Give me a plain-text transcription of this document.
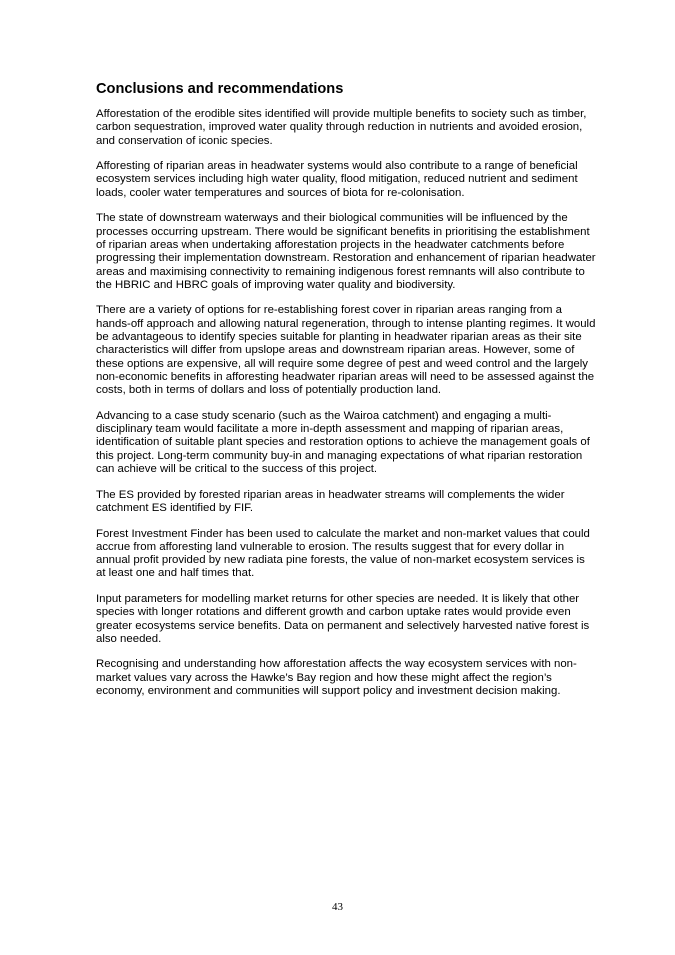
Conclusions and recommendations

Afforestation of the erodible sites identified will provide multiple benefits to society such as timber, carbon sequestration, improved water quality through reduction in nutrients and avoided erosion, and conservation of iconic species.

Afforesting of riparian areas in headwater systems would also contribute to a range of beneficial ecosystem services including high water quality, flood mitigation, reduced nutrient and sediment loads, cooler water temperatures and sources of biota for re-colonisation.

The state of downstream waterways and their biological communities will be influenced by the processes occurring upstream. There would be significant benefits in prioritising the establishment of riparian areas when undertaking afforestation projects in the headwater catchments before progressing their implementation downstream. Restoration and enhancement of riparian headwater areas and maximising connectivity to remaining indigenous forest remnants will also contribute to the HBRIC and HBRC goals of improving water quality and biodiversity.

There are a variety of options for re-establishing forest cover in riparian areas ranging from a hands-off approach and allowing natural regeneration, through to intense planting regimes. It would be advantageous to identify species suitable for planting in headwater riparian areas as their site characteristics will differ from upslope areas and downstream riparian areas. However, some of these options are expensive, all will require some degree of pest and weed control and the largely non-economic benefits in afforesting headwater riparian areas will need to be assessed against the costs, both in terms of dollars and loss of potentially production land.

Advancing to a case study scenario (such as the Wairoa catchment) and engaging a multi-disciplinary team would facilitate a more in-depth assessment and mapping of riparian areas, identification of suitable plant species and restoration options to achieve the management goals of this project. Long-term community buy-in and managing expectations of what riparian restoration can achieve will be critical to the success of this project.

The ES provided by forested riparian areas in headwater streams will complements the wider catchment ES identified by FIF.

Forest Investment Finder has been used to calculate the market and non-market values that could accrue from afforesting land vulnerable to erosion. The results suggest that for every dollar in annual profit provided by new radiata pine forests, the value of non-market ecosystem services is at least one and half times that.

Input parameters for modelling market returns for other species are needed. It is likely that other species with longer rotations and different growth and carbon uptake rates would provide even greater ecosystems service benefits. Data on permanent and selectively harvested native forest is also needed.

Recognising and understanding how afforestation affects the way ecosystem services with non-market values vary across the Hawke’s Bay region and how these might affect the region’s economy, environment and communities will support policy and investment decision making.

43
